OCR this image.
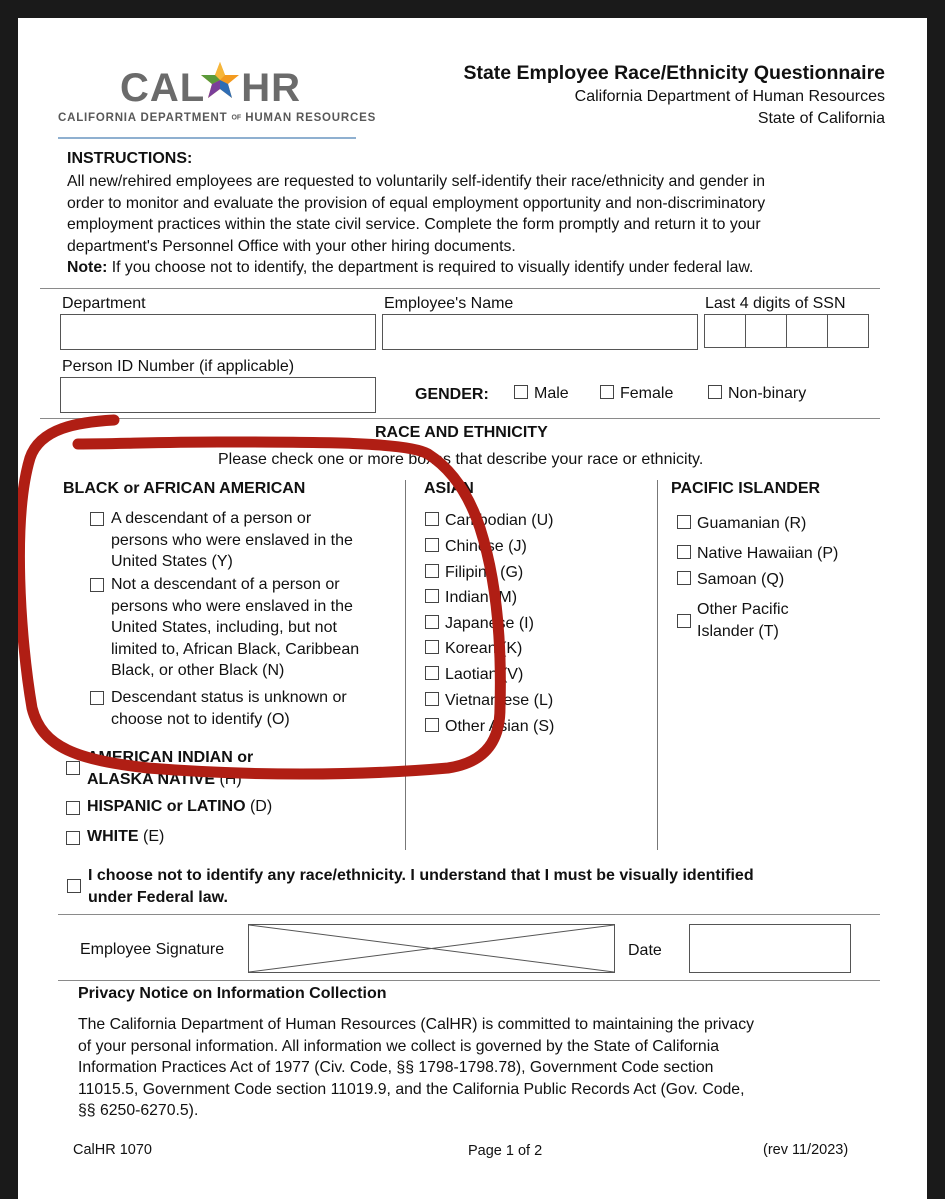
CAL HR
CALIFORNIA DEPARTMENT OF HUMAN RESOURCES
State Employee Race/Ethnicity Questionnaire
California Department of Human Resources
State of California
INSTRUCTIONS:
All new/rehired employees are requested to voluntarily self-identify their race/ethnicity and gender in
order to monitor and evaluate the provision of equal employment opportunity and non-discriminatory
employment practices within the state civil service. Complete the form promptly and return it to your
department's Personnel Office with your other hiring documents.
Note: If you choose not to identify, the department is required to visually identify under federal law.
Department	Employee's Name	Last 4 digits of SSN
Person ID Number (if applicable)
GENDER:	Male	Female	Non-binary
RACE AND ETHNICITY
Please check one or more boxes that describe your race or ethnicity.
BLACK or AFRICAN AMERICAN
A descendant of a person or
persons who were enslaved in the
United States (Y)
Not a descendant of a person or
persons who were enslaved in the
United States, including, but not
limited to, African Black, Caribbean
Black, or other Black (N)
Descendant status is unknown or
choose not to identify (O)
AMERICAN INDIAN or
ALASKA NATIVE (H)
HISPANIC or LATINO (D)
WHITE (E)
ASIAN
Cambodian (U)
Chinese (J)
Filipino (G)
Indian (M)
Japanese (I)
Korean (K)
Laotian (V)
Vietnamese (L)
Other Asian (S)
PACIFIC ISLANDER
Guamanian (R)
Native Hawaiian (P)
Samoan (Q)
Other Pacific
Islander (T)
I choose not to identify any race/ethnicity. I understand that I must be visually identified
under Federal law.
Employee Signature	Date
Privacy Notice on Information Collection
The California Department of Human Resources (CalHR) is committed to maintaining the privacy
of your personal information. All information we collect is governed by the State of California
Information Practices Act of 1977 (Civ. Code, §§ 1798-1798.78), Government Code section
11015.5, Government Code section 11019.9, and the California Public Records Act (Gov. Code,
§§ 6250-6270.5).
CalHR 1070	Page 1 of 2	(rev 11/2023)
